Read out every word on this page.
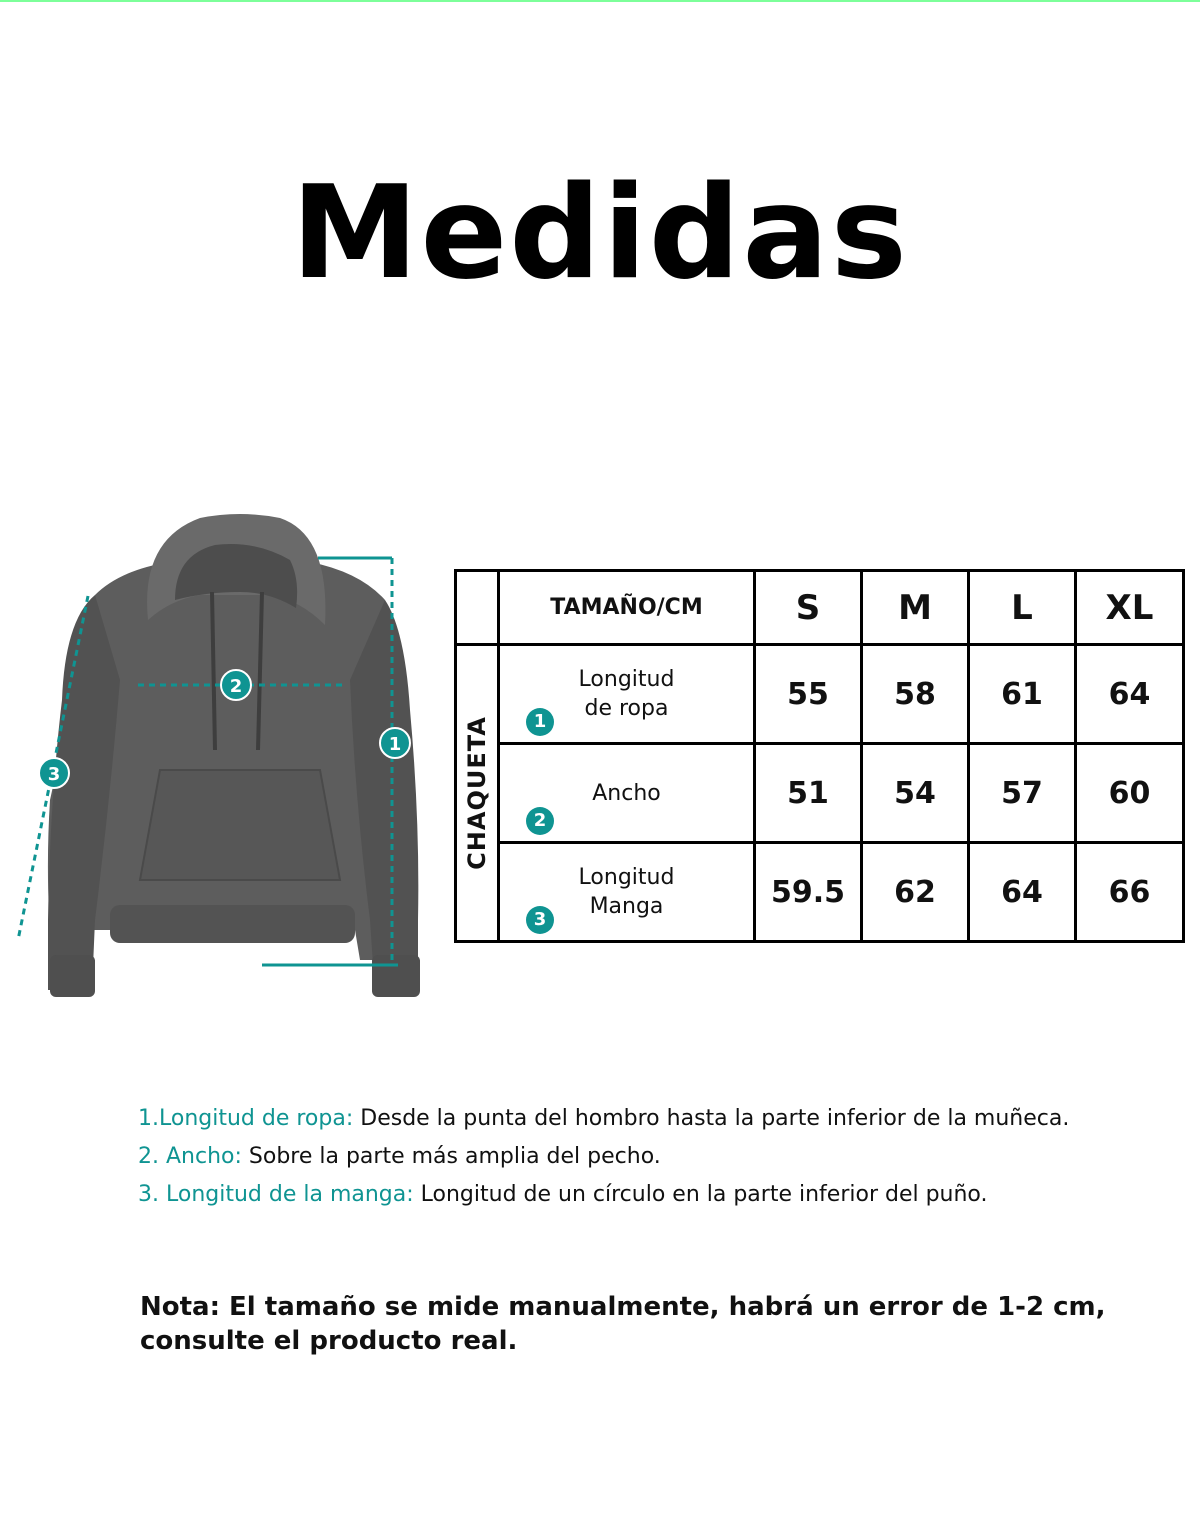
Medidas
1
2
3
	TAMAÑO/CM	S	M	L	XL

CHAQUETA	1
Longitud
de ropa	55	58	61	64

	2
Ancho	51	54	57	60

	3
Longitud
Manga	59.5	62	64	66
1.Longitud de ropa: Desde la punta del hombro hasta la parte inferior de la muñeca.
2. Ancho: Sobre la parte más amplia del pecho.
3. Longitud de la manga: Longitud de un círculo en la parte inferior del puño.
Nota: El tamaño se mide manualmente, habrá un error de 1-2 cm, consulte el producto real.
